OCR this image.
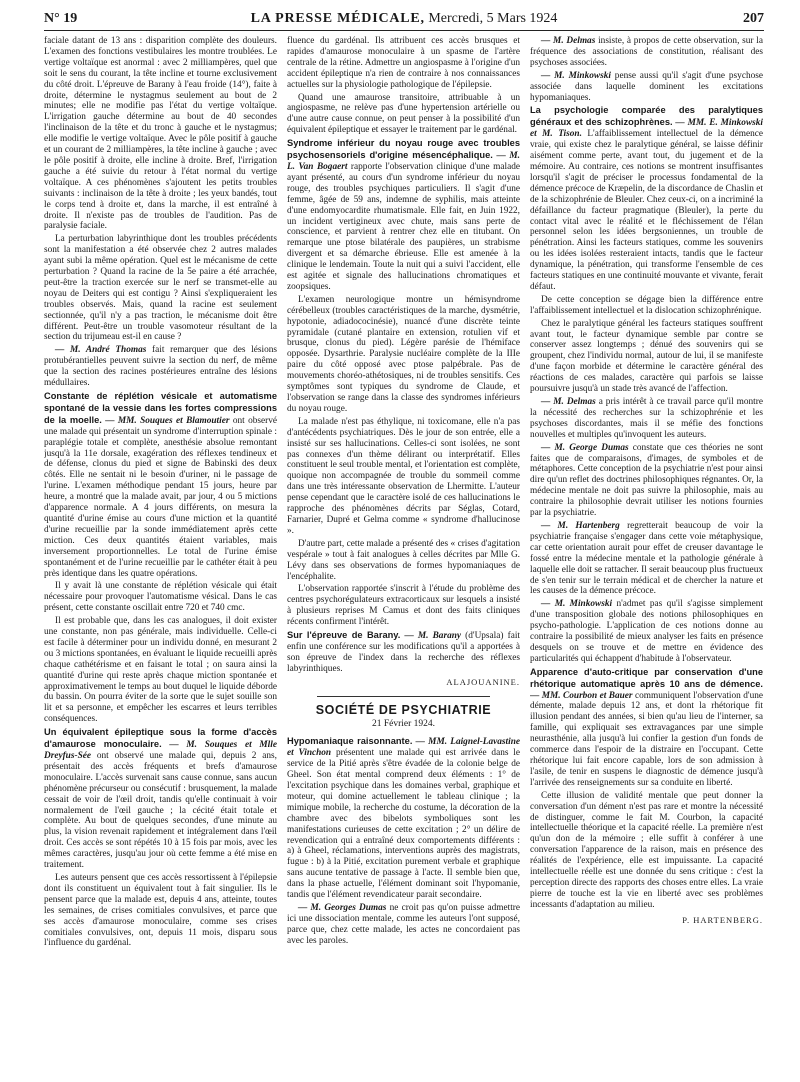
N° 19	LA PRESSE MÉDICALE, Mercredi, 5 Mars 1924	207

faciale datant de 13 ans : disparition complète des douleurs. L'examen des fonctions vestibulaires les montre troublées. Le vertige voltaïque est anormal : avec 2 milliampères, quel que soit le sens du courant, la tête incline et tourne exclusivement du côté droit. L'épreuve de Barany à l'eau froide (14°), faite à droite, détermine le nystagmus seulement au bout de 2 minutes; elle ne modifie pas l'état du vertige voltaïque. L'irrigation gauche détermine au bout de 40 secondes l'inclinaison de la tête et du tronc à gauche et le nystagmus; elle modifie le vertige voltaïque. Avec le pôle positif à gauche et un courant de 2 milliampères, la tête incline à gauche ; avec le pôle positif à droite, elle incline à droite. Bref, l'irrigation gauche a été suivie du retour à l'état normal du vertige voltaïque. A ces phénomènes s'ajoutent les petits troubles suivants : inclinaison de la tête à droite ; les yeux bandés, tout le corps tend à droite et, dans la marche, il est entraîné à droite. Il n'existe pas de troubles de l'audition. Pas de paralysie faciale.

La perturbation labyrinthique dont les troubles précédents sont la manifestation a été observée chez 2 autres malades ayant subi la même opération. Quel est le mécanisme de cette perturbation ? Quand la racine de la 5e paire a été arrachée, peut-être la traction exercée sur le nerf se transmet-elle au noyau de Deiters qui est contigu ? Ainsi s'expliqueraient les troubles observés. Mais, quand la racine est seulement sectionnée, qu'il n'y a pas traction, le mécanisme doit être différent. Peut-être un trouble vasomoteur résultant de la section du trijumeau est-il en cause ?

— M. André Thomas fait remarquer que des lésions protubérantielles peuvent suivre la section du nerf, de même que la section des racines postérieures entraîne des lésions médullaires.

Constante de réplétion vésicale et automatisme spontané de la vessie dans les fortes compressions de la moelle. — MM. Souques et Blamoutier ont observé une malade qui présentait un syndrome d'interruption spinale : paraplégie totale et complète, anesthésie absolue remontant jusqu'à la 11e dorsale, exagération des réflexes tendineux et de défense, clonus du pied et signe de Babinski des deux côtés. Elle ne sentait ni le besoin d'uriner, ni le passage de l'urine. L'examen méthodique pendant 15 jours, heure par heure, a montré que la malade avait, par jour, 4 ou 5 mictions d'apparence normale. A 4 jours différents, on mesura la quantité d'urine émise au cours d'une miction et la quantité d'urine recueillie par la sonde immédiatement après cette miction. Ces deux quantités étaient variables, mais inversement proportionnelles. Le total de l'urine émise spontanément et de l'urine recueillie par le cathéter était à peu près identique dans les quatre opérations.

Il y avait là une constante de réplétion vésicale qui était nécessaire pour provoquer l'automatisme vésical. Dans le cas présent, cette constante oscillait entre 720 et 740 cmc.

Il est probable que, dans les cas analogues, il doit exister une constante, non pas générale, mais individuelle. Celle-ci est facile à déterminer pour un individu donné, en mesurant 2 ou 3 mictions spontanées, en évaluant le liquide recueilli après chaque cathétérisme et en faisant le total ; on saura ainsi la quantité d'urine qui reste après chaque miction spontanée et approximativement le temps au bout duquel le liquide déborde du bassin. On pourra éviter de la sorte que le sujet souille son lit et sa personne, et empêcher les escarres et leurs terribles conséquences.

Un équivalent épileptique sous la forme d'accès d'amaurose monoculaire. — M. Souques et Mlle Dreyfus-Sée ont observé une malade qui, depuis 2 ans, présentait des accès fréquents et brefs d'amaurose monoculaire. L'accès survenait sans cause connue, sans aucun phénomène précurseur ou consécutif : brusquement, la malade cessait de voir de l'œil droit, tandis qu'elle continuait à voir normalement de l'œil gauche ; la cécité était totale et complète. Au bout de quelques secondes, d'une minute au plus, la vision revenait rapidement et intégralement dans l'œil droit. Ces accès se sont répétés 10 à 15 fois par mois, avec les mêmes caractères, jusqu'au jour où cette femme a été mise en traitement.

Les auteurs pensent que ces accès ressortissent à l'épilepsie dont ils constituent un équivalent tout à fait singulier. Ils le pensent parce que la malade est, depuis 4 ans, atteinte, toutes les semaines, de crises comitiales convulsives, et parce que ses accès d'amaurose monoculaire, comme ses crises comitiales convulsives, ont, depuis 11 mois, disparu sous l'influence du gardénal.

fluence du gardénal. Ils attribuent ces accès brusques et rapides d'amaurose monoculaire à un spasme de l'artère centrale de la rétine. Admettre un angiospasme à l'origine d'un accident épileptique n'a rien de contraire à nos connaissances actuelles sur la physiologie pathologique de l'épilepsie.

Quand une amaurose transitoire, attribuable à un angiospasme, ne relève pas d'une hypertension artérielle ou d'une autre cause connue, on peut penser à la possibilité d'un équivalent épileptique et essayer le traitement par le gardénal.

Syndrome inférieur du noyau rouge avec troubles psychosensoriels d'origine mésencéphalique. — M. L. Van Bogaert rapporte l'observation clinique d'une malade ayant présenté, au cours d'un syndrome inférieur du noyau rouge, des troubles psychiques particuliers. Il s'agit d'une femme, âgée de 59 ans, indemne de syphilis, mais atteinte d'une endomyocardite rhumatismale. Elle fait, en Juin 1922, un incident vertigineux avec chute, mais sans perte de conscience, et parvient à rentrer chez elle en titubant. On remarque une ptose bilatérale des paupières, un strabisme divergent et sa démarche ébrieuse. Elle est amenée à la clinique le lendemain. Toute la nuit qui a suivi l'accident, elle est agitée et signale des hallucinations chromatiques et zoopsiques.

L'examen neurologique montre un hémisyndrome cérébelleux (troubles caractéristiques de la marche, dysmétrie, hypotonie, adiadococinésie), nuancé d'une discrète teinte pyramidale (cutané plantaire en extension, rotulien vif et brusque, clonus du pied). Légère parésie de l'hémiface opposée. Dysarthrie. Paralysie nucléaire complète de la IIIe paire du côté opposé avec ptose palpébrale. Pas de mouvements choréo-athétosiques, ni de troubles sensitifs. Ces symptômes sont typiques du syndrome de Claude, et l'observation se range dans la classe des syndromes inférieurs du noyau rouge.

La malade n'est pas éthylique, ni toxicomane, elle n'a pas d'antécédents psychiatriques. Dès le jour de son entrée, elle a insisté sur ses hallucinations. Celles-ci sont isolées, ne sont pas connexes d'un thème délirant ou interprétatif. Elles constituent le seul trouble mental, et l'orientation est complète, quoique non accompagnée de trouble du sommeil comme dans une très intéressante observation de Lhermitte. L'auteur pense cependant que le caractère isolé de ces hallucinations le rapproche des phénomènes décrits par Séglas, Cotard, Farnarier, Dupré et Gelma comme « syndrome d'hallucinose ».

D'autre part, cette malade a présenté des « crises d'agitation vespérale » tout à fait analogues à celles décrites par Mlle G. Lévy dans ses observations de formes hypomaniaques de l'encéphalite.

L'observation rapportée s'inscrit à l'étude du problème des centres psychorégulateurs extracorticaux sur lesquels a insisté à plusieurs reprises M Camus et dont des faits cliniques récents confirment l'intérêt.

Sur l'épreuve de Barany. — M. Barany (d'Upsala) fait enfin une conférence sur les modifications qu'il a apportées à son épreuve de l'index dans la recherche des réflexes labyrinthiques.

ALAJOUANINE.

SOCIÉTÉ DE PSYCHIATRIE
21 Février 1924.

Hypomaniaque raisonnante. — MM. Laignel-Lavastine et Vinchon présentent une malade qui est arrivée dans le service de la Pitié après s'être évadée de la colonie belge de Gheel. Son état mental comprend deux éléments : 1° de l'excitation psychique dans les domaines verbal, graphique et moteur, qui domine actuellement le tableau clinique ; la mimique mobile, la recherche du costume, la décoration de la chambre avec des bibelots symboliques sont les manifestations curieuses de cette excitation ; 2° un délire de revendication qui a entraîné deux comportements différents : a) à Gheel, réclamations, interventions auprès des magistrats, fugue : b) à la Pitié, excitation purement verbale et graphique sans aucune tentative de passage à l'acte. Il semble bien que, dans la phase actuelle, l'élément dominant soit l'hypomanie, tandis que l'élément revendicateur parait secondaire.

— M. Georges Dumas ne croit pas qu'on puisse admettre ici une dissociation mentale, comme les auteurs l'ont supposé, parce que, chez cette malade, les actes ne concordaient pas avec les paroles.

— M. Delmas insiste, à propos de cette observation, sur la fréquence des associations de constitution, réalisant des psychoses associées.

— M. Minkowski pense aussi qu'il s'agit d'une psychose associée dans laquelle dominent les excitations hypomaniaques.

La psychologie comparée des paralytiques généraux et des schizophrènes. — MM. E. Minkowski et M. Tison. L'affaiblissement intellectuel de la démence vraie, qui existe chez le paralytique général, se laisse définir aisément comme perte, avant tout, du jugement et de la mémoire. Au contraire, ces notions se montrent insuffisantes lorsqu'il s'agit de préciser le processus fondamental de la démence précoce de Kræpelin, de la discordance de Chaslin et de la schizophrénie de Bleuler. Chez ceux-ci, on a incriminé la défaillance du facteur pragmatique (Bleuler), la perte du contact vital avec le réalité et le fléchissement de l'élan personnel selon les idées bergsoniennes, un trouble de pénétration. Ainsi les facteurs statiques, comme les souvenirs ou les idées isolées resteraient intacts, tandis que le facteur dynamique, la pénétration, qui transforme l'ensemble de ces facteurs statiques en une continuité mouvante et vivante, ferait défaut.

De cette conception se dégage bien la différence entre l'affaiblissement intellectuel et la dislocation schizophrénique.

Chez le paralytique général les facteurs statiques souffrent avant tout, le facteur dynamique semble par contre se conserver assez longtemps ; dénué des souvenirs qui se groupent, chez l'individu normal, autour de lui, il se manifeste d'une façon morbide et détermine le caractère général des réactions de ces malades, caractère qui parfois se laisse poursuivre jusqu'à un stade très avancé de l'affection.

— M. Delmas a pris intérêt à ce travail parce qu'il montre la nécessité des recherches sur la schizophrénie et les psychoses discordantes, mais il se méfie des fonctions nouvelles et multiples qu'invoquent les auteurs.

— M. George Dumas constate que ces théories ne sont faites que de comparaisons, d'images, de symboles et de métaphores. Cette conception de la psychiatrie n'est pour ainsi dire qu'un reflet des doctrines philosophiques régnantes. Or, la médecine mentale ne doit pas suivre la philosophie, mais au contraire la philosophie devrait utiliser les notions fournies par la psychiatrie.

— M. Hartenberg regretterait beaucoup de voir la psychiatrie française s'engager dans cette voie métaphysique, car cette orientation aurait pour effet de creuser davantage le fossé entre la médecine mentale et la pathologie générale à laquelle elle doit se rattacher. Il serait beaucoup plus fructueux de s'en tenir sur le terrain médical et de chercher la nature et les causes de la démence précoce.

— M. Minkowski n'admet pas qu'il s'agisse simplement d'une transposition globale des notions philosophiques en psycho-pathologie. L'application de ces notions donne au contraire la possibilité de mieux analyser les faits en présence desquels on se trouve et de mettre en évidence des particularités qui échappent d'habitude à l'observateur.

Apparence d'auto-critique par conservation d'une rhétorique automatique après 10 ans de démence. — MM. Courbon et Bauer communiquent l'observation d'une démente, malade depuis 12 ans, et dont la rhétorique fit illusion pendant des années, si bien qu'au lieu de l'interner, sa famille, qui expliquait ses extravagances par une simple neurasthénie, alla jusqu'à lui confier la gestion d'un fonds de commerce dans l'espoir de la distraire en l'occupant. Cette rhétorique lui fait encore capable, lors de son admission à l'asile, de tenir en suspens le diagnostic de démence jusqu'à l'arrivée des renseignements sur sa conduite en liberté.

Cette illusion de validité mentale que peut donner la conversation d'un dément n'est pas rare et montre la nécessité de distinguer, comme le fait M. Courbon, la capacité intellectuelle théorique et la capacité réelle. La première n'est qu'un don de la mémoire ; elle suffit à conférer à une conversation l'apparence de la raison, mais en présence des réalités de l'expérience, elle est impuissante. La capacité intellectuelle réelle est une donnée du sens critique : c'est la perception directe des rapports des choses entre elles. La vraie pierre de touche est la vie en liberté avec ses problèmes incessants d'adaptation au milieu.

P. HARTENBERG.
